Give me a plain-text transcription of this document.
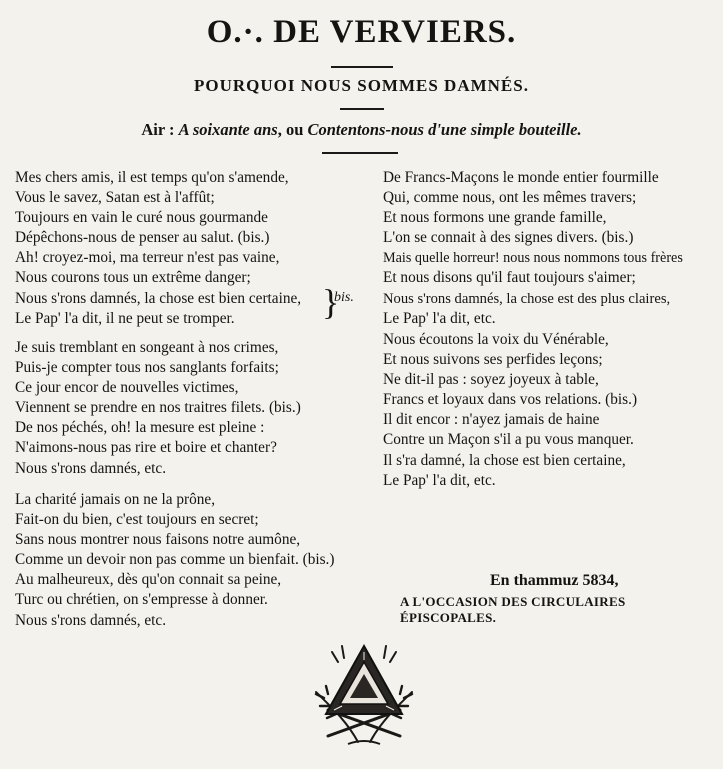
O.·. DE VERVIERS.
POURQUOI NOUS SOMMES DAMNÉS.
Air : A soixante ans, ou Contentons-nous d'une simple bouteille.
Mes chers amis, il est temps qu'on s'amende,
Vous le savez, Satan est à l'affût;
Toujours en vain le curé nous gourmande
Dépêchons-nous de penser au salut. (bis.)
Ah! croyez-moi, ma terreur n'est pas vaine,
Nous courons tous un extrême danger;
Nous s'rons damnés, la chose est bien certaine,
Le Pap' l'a dit, il ne peut se tromper.	}
bis.
Je suis tremblant en songeant à nos crimes,
Puis-je compter tous nos sanglants forfaits;
Ce jour encor de nouvelles victimes,
Viennent se prendre en nos traitres filets. (bis.)
De nos péchés, oh! la mesure est pleine :
N'aimons-nous pas rire et boire et chanter?
Nous s'rons damnés, etc.
La charité jamais on ne la prône,
Fait-on du bien, c'est toujours en secret;
Sans nous montrer nous faisons notre aumône,
Comme un devoir non pas comme un bienfait. (bis.)
Au malheureux, dès qu'on connait sa peine,
Turc ou chrétien, on s'empresse à donner.
Nous s'rons damnés, etc.
De Francs-Maçons le monde entier fourmille
Qui, comme nous, ont les mêmes travers;
Et nous formons une grande famille,
L'on se connait à des signes divers. (bis.)
Mais quelle horreur! nous nous nommons tous frères
Et nous disons qu'il faut toujours s'aimer;
Nous s'rons damnés, la chose est des plus claires,
Le Pap' l'a dit, etc.
Nous écoutons la voix du Vénérable,
Et nous suivons ses perfides leçons;
Ne dit-il pas : soyez joyeux à table,
Francs et loyaux dans vos relations. (bis.)
Il dit encor : n'ayez jamais de haine
Contre un Maçon s'il a pu vous manquer.
Il s'ra damné, la chose est bien certaine,
Le Pap' l'a dit, etc.
En thammuz 5834,
A L'OCCASION DES CIRCULAIRES ÉPISCOPALES.
